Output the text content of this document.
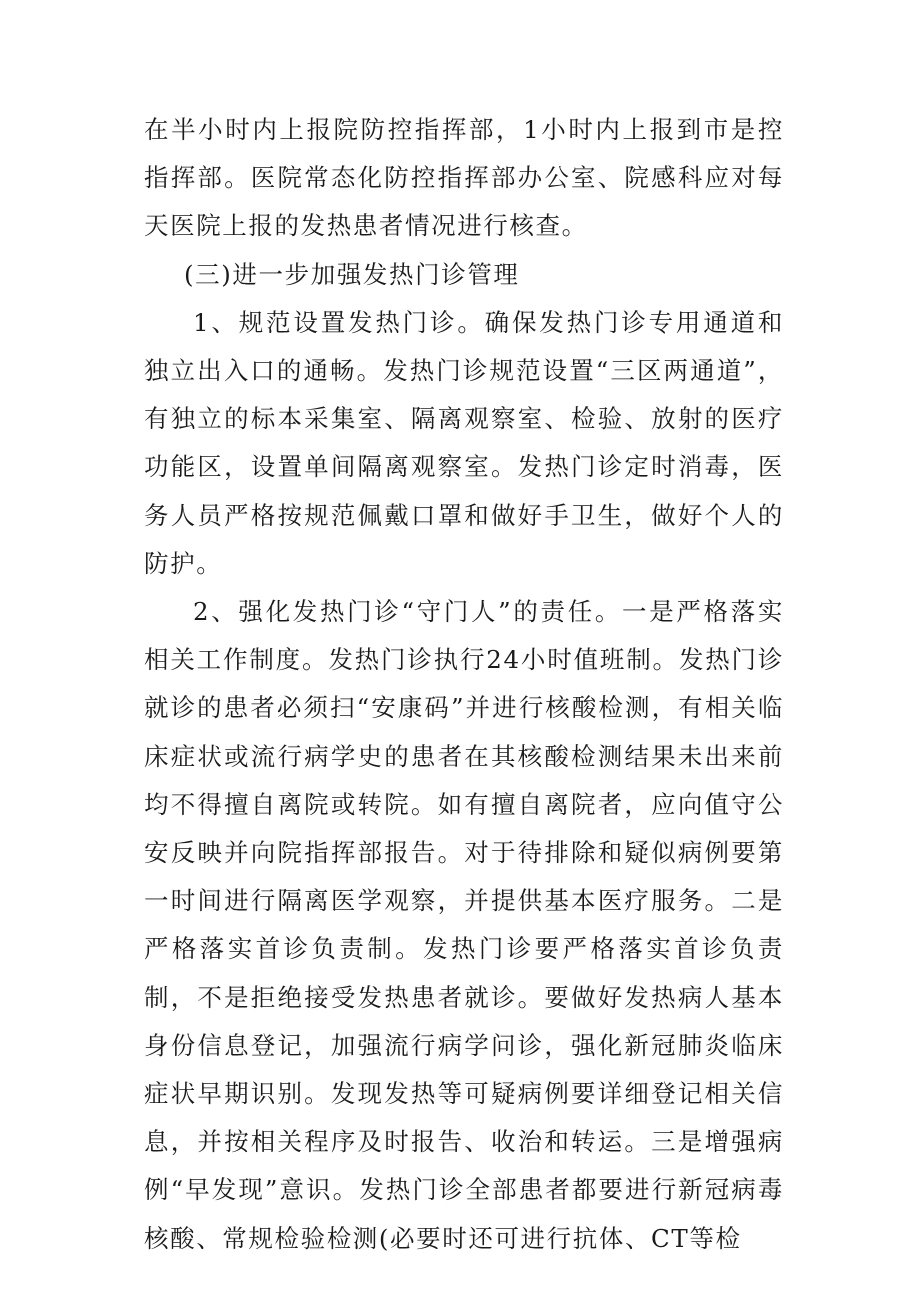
在半小时内上报院防控指挥部，1小时内上报到市是控指挥部。医院常态化防控指挥部办公室、院感科应对每天医院上报的发热患者情况进行核查。

(三)进一步加强发热门诊管理

1、规范设置发热门诊。确保发热门诊专用通道和独立出入口的通畅。发热门诊规范设置“三区两通道”，有独立的标本采集室、隔离观察室、检验、放射的医疗功能区，设置单间隔离观察室。发热门诊定时消毒，医务人员严格按规范佩戴口罩和做好手卫生，做好个人的防护。

2、强化发热门诊“守门人”的责任。一是严格落实相关工作制度。发热门诊执行24小时值班制。发热门诊就诊的患者必须扫“安康码”并进行核酸检测，有相关临床症状或流行病学史的患者在其核酸检测结果未出来前均不得擅自离院或转院。如有擅自离院者，应向值守公安反映并向院指挥部报告。对于待排除和疑似病例要第一时间进行隔离医学观察，并提供基本医疗服务。二是严格落实首诊负责制。发热门诊要严格落实首诊负责制，不是拒绝接受发热患者就诊。要做好发热病人基本身份信息登记，加强流行病学问诊，强化新冠肺炎临床症状早期识别。发现发热等可疑病例要详细登记相关信息，并按相关程序及时报告、收治和转运。三是增强病例“早发现”意识。发热门诊全部患者都要进行新冠病毒核酸、常规检验检测(必要时还可进行抗体、CT等检
